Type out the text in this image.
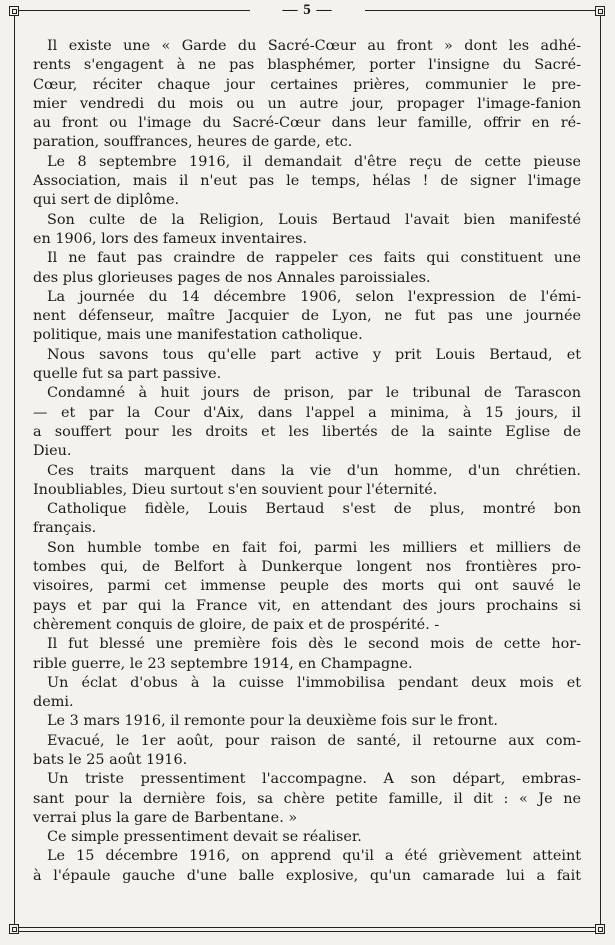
— 5 —
Il existe une « Garde du Sacré-Cœur au front » dont les adhé-
rents s'engagent à ne pas blasphémer, porter l'insigne du Sacré-
Cœur, réciter chaque jour certaines prières, communier le pre-
mier vendredi du mois ou un autre jour, propager l'image-fanion
au front ou l'image du Sacré-Cœur dans leur famille, offrir en ré-
paration, souffrances, heures de garde, etc.
Le 8 septembre 1916, il demandait d'être reçu de cette pieuse
Association, mais il n'eut pas le temps, hélas ! de signer l'image
qui sert de diplôme.
Son culte de la Religion, Louis Bertaud l'avait bien manifesté
en 1906, lors des fameux inventaires.
Il ne faut pas craindre de rappeler ces faits qui constituent une
des plus glorieuses pages de nos Annales paroissiales.
La journée du 14 décembre 1906, selon l'expression de l'émi-
nent défenseur, maître Jacquier de Lyon, ne fut pas une journée
politique, mais une manifestation catholique.
Nous savons tous qu'elle part active y prit Louis Bertaud, et
quelle fut sa part passive.
Condamné à huit jours de prison, par le tribunal de Tarascon
— et par la Cour d'Aix, dans l'appel a minima, à 15 jours, il
a souffert pour les droits et les libertés de la sainte Eglise de
Dieu.
Ces traits marquent dans la vie d'un homme, d'un chrétien.
Inoubliables, Dieu surtout s'en souvient pour l'éternité.
Catholique fidèle, Louis Bertaud s'est de plus, montré bon
français.
Son humble tombe en fait foi, parmi les milliers et milliers de
tombes qui, de Belfort à Dunkerque longent nos frontières pro-
visoires, parmi cet immense peuple des morts qui ont sauvé le
pays et par qui la France vit, en attendant des jours prochains si
chèrement conquis de gloire, de paix et de prospérité. -
Il fut blessé une première fois dès le second mois de cette hor-
rible guerre, le 23 septembre 1914, en Champagne.
Un éclat d'obus à la cuisse l'immobilisa pendant deux mois et
demi.
Le 3 mars 1916, il remonte pour la deuxième fois sur le front.
Evacué, le 1er août, pour raison de santé, il retourne aux com-
bats le 25 août 1916.
Un triste pressentiment l'accompagne. A son départ, embras-
sant pour la dernière fois, sa chère petite famille, il dit : « Je ne
verrai plus la gare de Barbentane. »
Ce simple pressentiment devait se réaliser.
Le 15 décembre 1916, on apprend qu'il a été grièvement atteint
à l'épaule gauche d'une balle explosive, qu'un camarade lui a fait
